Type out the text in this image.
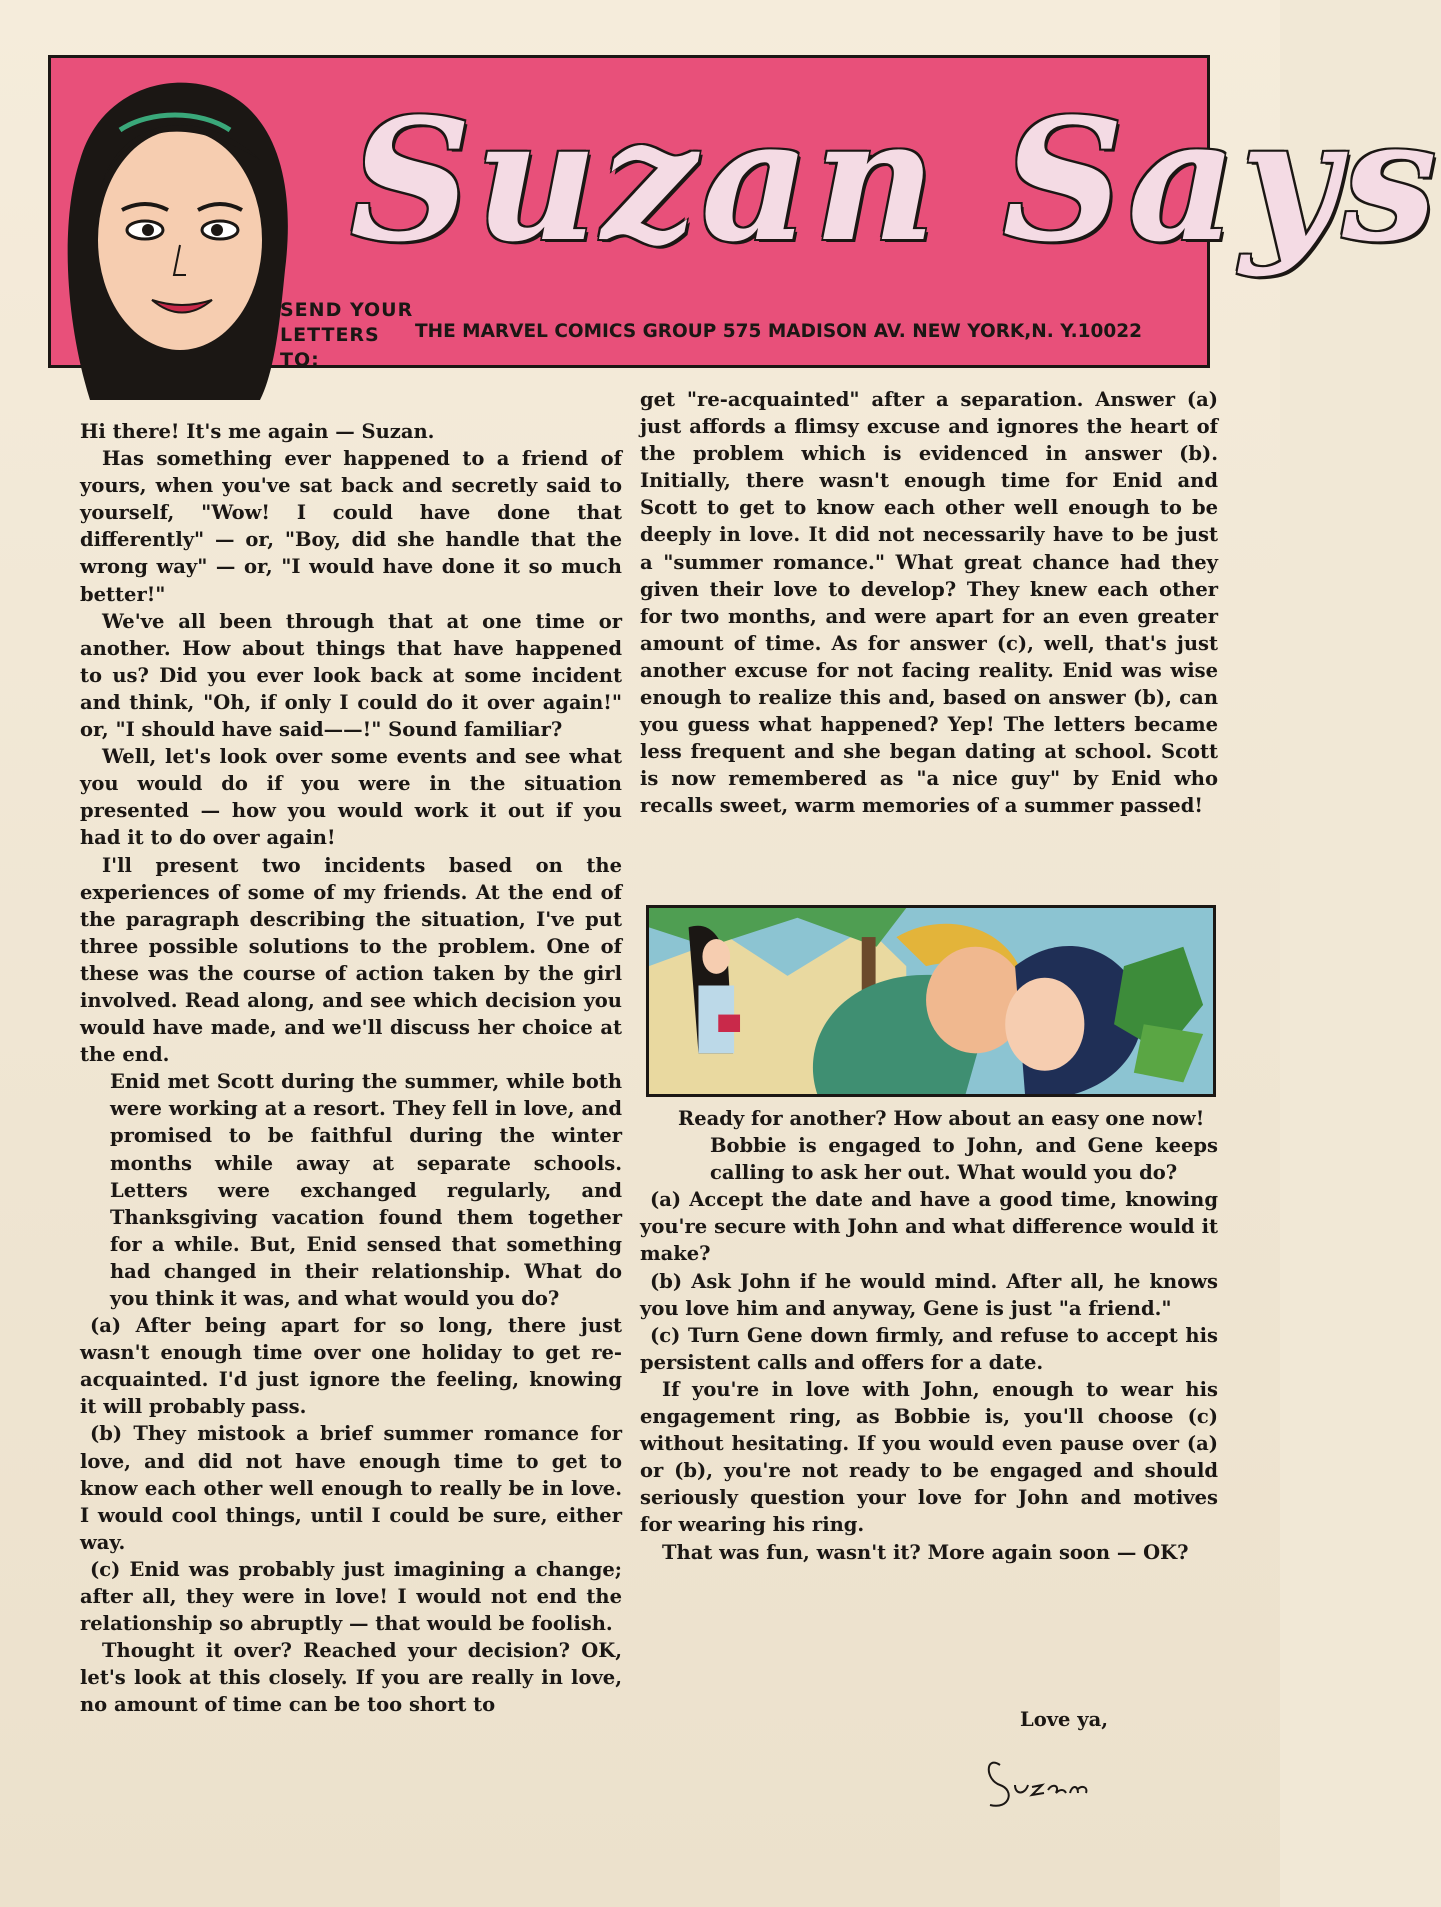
Suzan Says
SEND YOUR LETTERS TO:
THE MARVEL COMICS GROUP 575 MADISON AV. NEW YORK,N. Y.10022

Hi there! It's me again — Suzan.

Has something ever happened to a friend of yours, when you've sat back and secretly said to yourself, "Wow! I could have done that differently" — or, "Boy, did she handle that the wrong way" — or, "I would have done it so much better!"

We've all been through that at one time or another. How about things that have happened to us? Did you ever look back at some incident and think, "Oh, if only I could do it over again!" or, "I should have said——!" Sound familiar?

Well, let's look over some events and see what you would do if you were in the situation presented — how you would work it out if you had it to do over again!

I'll present two incidents based on the experiences of some of my friends. At the end of the paragraph describing the situation, I've put three possible solutions to the problem. One of these was the course of action taken by the girl involved. Read along, and see which decision you would have made, and we'll discuss her choice at the end.

Enid met Scott during the summer, while both were working at a resort. They fell in love, and promised to be faithful during the winter months while away at separate schools. Letters were exchanged regularly, and Thanksgiving vacation found them together for a while. But, Enid sensed that something had changed in their relationship. What do you think it was, and what would you do?

(a) After being apart for so long, there just wasn't enough time over one holiday to get re-acquainted. I'd just ignore the feeling, knowing it will probably pass.

(b) They mistook a brief summer romance for love, and did not have enough time to get to know each other well enough to really be in love. I would cool things, until I could be sure, either way.

(c) Enid was probably just imagining a change; after all, they were in love! I would not end the relationship so abruptly — that would be foolish.

Thought it over? Reached your decision? OK, let's look at this closely. If you are really in love, no amount of time can be too short to

get "re-acquainted" after a separation. Answer (a) just affords a flimsy excuse and ignores the heart of the problem which is evidenced in answer (b). Initially, there wasn't enough time for Enid and Scott to get to know each other well enough to be deeply in love. It did not necessarily have to be just a "summer romance." What great chance had they given their love to develop? They knew each other for two months, and were apart for an even greater amount of time. As for answer (c), well, that's just another excuse for not facing reality. Enid was wise enough to realize this and, based on answer (b), can you guess what happened? Yep! The letters became less frequent and she began dating at school. Scott is now remembered as "a nice guy" by Enid who recalls sweet, warm memories of a summer passed!

Ready for another? How about an easy one now!

Bobbie is engaged to John, and Gene keeps calling to ask her out. What would you do?

(a) Accept the date and have a good time, knowing you're secure with John and what difference would it make?

(b) Ask John if he would mind. After all, he knows you love him and anyway, Gene is just "a friend."

(c) Turn Gene down firmly, and refuse to accept his persistent calls and offers for a date.

If you're in love with John, enough to wear his engagement ring, as Bobbie is, you'll choose (c) without hesitating. If you would even pause over (a) or (b), you're not ready to be engaged and should seriously question your love for John and motives for wearing his ring.

That was fun, wasn't it? More again soon — OK?

Love ya,
